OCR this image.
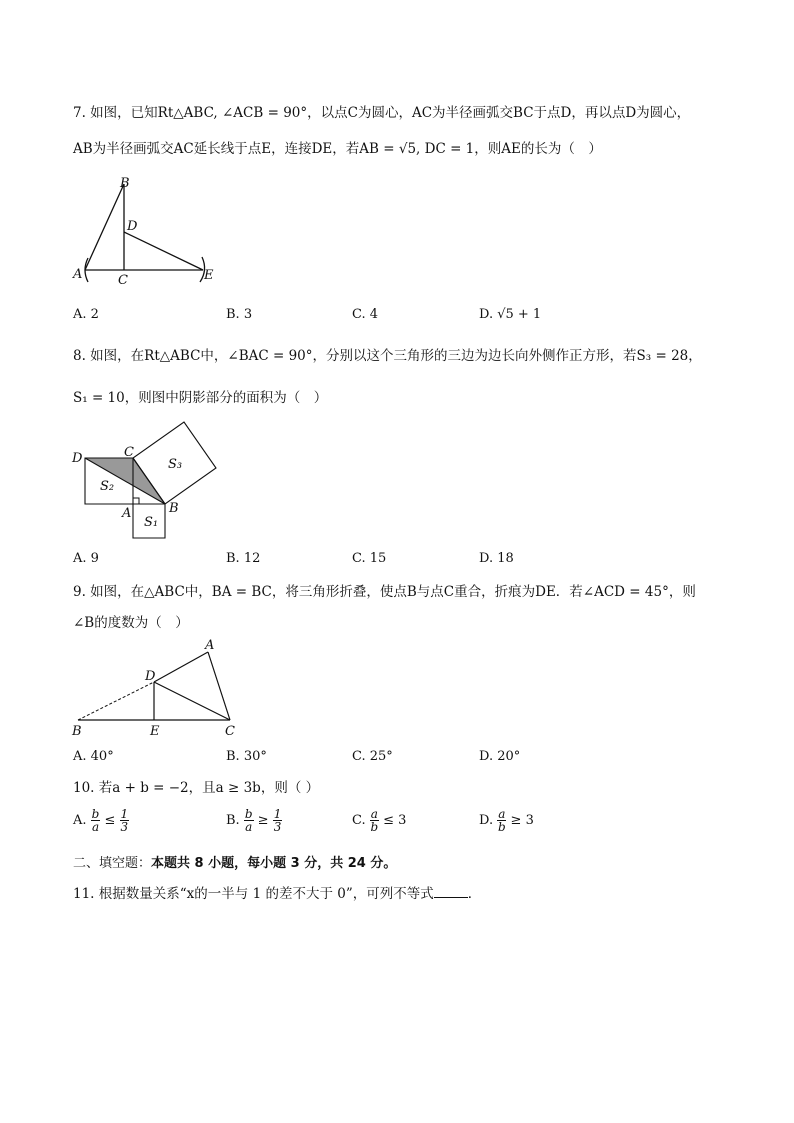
7. 如图，已知Rt△ABC, ∠ACB = 90°，以点C为圆心，AC为半径画弧交BC于点D，再以点D为圆心，
AB为半径画弧交AC延长线于点E，连接DE，若AB = √5, DC = 1，则AE的长为（　）
B
D
A	C	E
A. 2	B. 3	C. 4	D. √5 + 1
8. 如图，在Rt△ABC中，∠BAC = 90°，分别以这个三角形的三边为边长向外侧作正方形，若S₃ = 28，
S₁ = 10，则图中阴影部分的面积为（　）
D	C
A	B
S₂
S₃
S₁
A. 9	B. 12	C. 15	D. 18
9. 如图，在△ABC中，BA = BC，将三角形折叠，使点B与点C重合，折痕为DE．若∠ACD = 45°，则
∠B的度数为（　）
A
D
B	E	C
A. 40°	B. 30°	C. 25°	D. 20°
10. 若a + b = −2，且a ≥ 3b，则（ ）
A. $\frac{b}{a} \le \frac{1}{3}$	B. $\frac{b}{a} \ge \frac{1}{3}$	C. $\frac{a}{b} \le 3$	D. $\frac{a}{b} \ge 3$
二、填空题：本题共 8 小题，每小题 3 分，共 24 分。
11. 根据数量关系“x的一半与 1 的差不大于 0”，可列不等式	．
